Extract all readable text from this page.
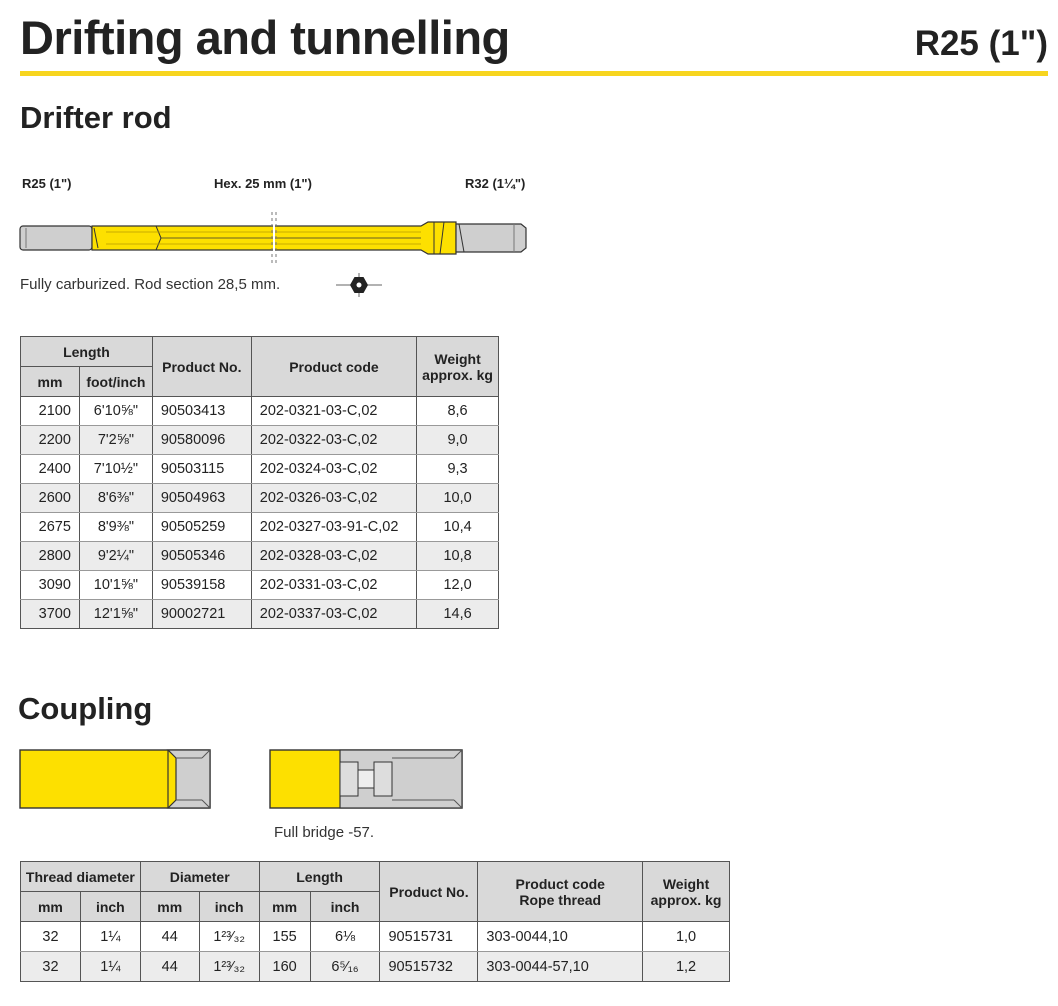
Drifting and tunnelling	R25 (1")
Drifter rod
R25 (1")	Hex. 25 mm (1")	R32 (1¼")
Fully carburized. Rod section 28,5 mm.
Length		Product No.	Product code	Weight approx. kg
mm	foot/inch			
2100	6'10⅝"	90503413	202-0321-03-C,02	8,6
2200	7'2⅝"	90580096	202-0322-03-C,02	9,0
2400	7'10½"	90503115	202-0324-03-C,02	9,3
2600	8'6⅜"	90504963	202-0326-03-C,02	10,0
2675	8'9⅜"	90505259	202-0327-03-91-C,02	10,4
2800	9'2¼"	90505346	202-0328-03-C,02	10,8
3090	10'1⅝"	90539158	202-0331-03-C,02	12,0
3700	12'1⅝"	90002721	202-0337-03-C,02	14,6
Coupling
Full bridge -57.
Thread diameter		Diameter		Length		Product No.	Product code
Rope thread	Weight approx. kg
mm	inch	mm	inch	mm	inch			
32	1¼	44	1²³⁄₃₂	155	6⅛	90515731	303-0044,10	1,0
32	1¼	44	1²³⁄₃₂	160	6⁵⁄₁₆	90515732	303-0044-57,10	1,2
